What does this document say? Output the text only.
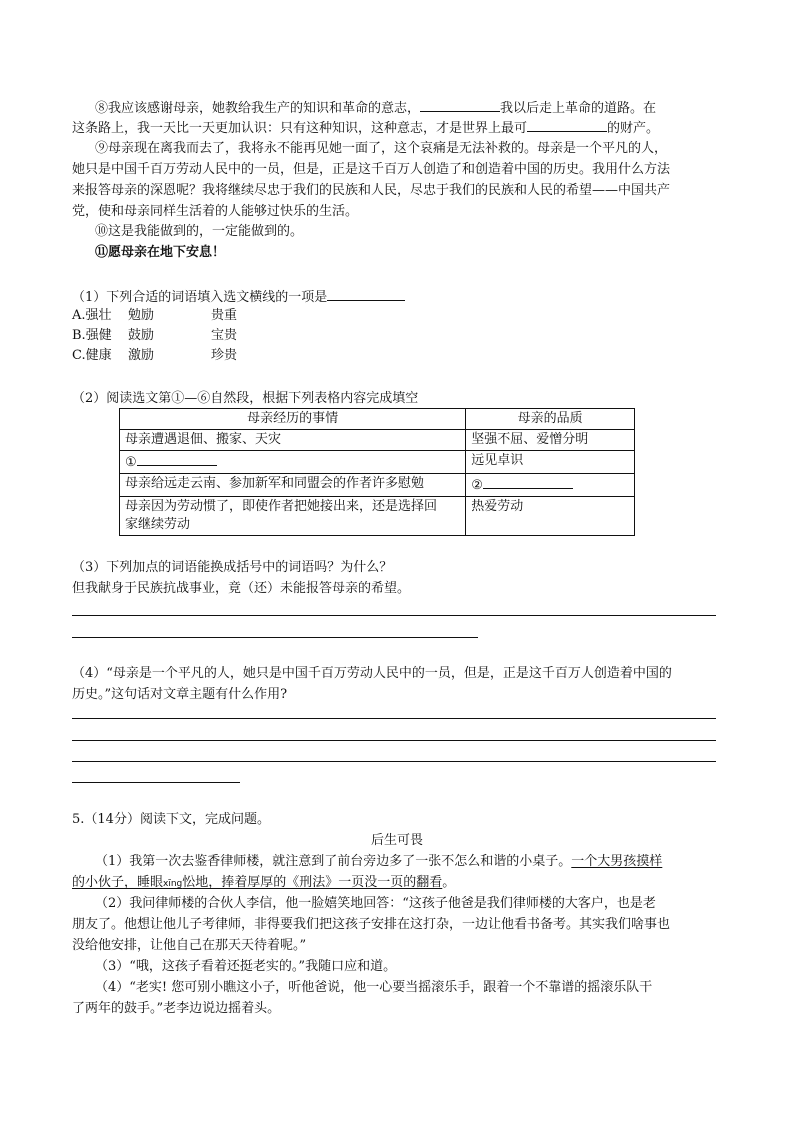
⑧我应该感谢母亲，她教给我生产的知识和革命的意志，	我以后走上革命的道路。在
这条路上，我一天比一天更加认识：只有这种知识，这种意志，才是世界上最可	的财产。
⑨母亲现在离我而去了，我将永不能再见她一面了，这个哀痛是无法补救的。母亲是一个平凡的人，
她只是中国千百万劳动人民中的一员，但是，正是这千百万人创造了和创造着中国的历史。我用什么方法
来报答母亲的深恩呢？我将继续尽忠于我们的民族和人民，尽忠于我们的民族和人民的希望——中国共产
党，使和母亲同样生活着的人能够过快乐的生活。
⑩这是我能做到的，一定能做到的。
⑪愿母亲在地下安息！
（1）下列合适的词语填入选文横线的一项是
A.强壮 勉励	贵重
B.强健 鼓励	宝贵
C.健康 激励	珍贵
（2）阅读选文第①—⑥自然段，根据下列表格内容完成填空
母亲经历的事情	母亲的品质
母亲遭遇退佃、搬家、天灾	坚强不屈、爱憎分明
①	远见卓识
母亲给远走云南、参加新军和同盟会的作者许多慰勉	②

母亲因为劳动惯了，即使作者把她接出来，还是选择回
家继续劳动	热爱劳动
（3）下列加点的词语能换成括号中的词语吗？为什么？
但我献身于民族抗战事业，竟（还）未能报答母亲的希望。
（4）“母亲是一个平凡的人，她只是中国千百万劳动人民中的一员，但是，正是这千百万人创造着中国的
历史。”这句话对文章主题有什么作用?
5.（14分）阅读下文，完成问题。
后生可畏
（1）我第一次去鉴香律师楼，就注意到了前台旁边多了一张不怎么和谐的小桌子。一个大男孩摸样
的小伙子，睡眼xīng忪地，捧着厚厚的《刑法》一页没一页的翻看。
（2）我问律师楼的合伙人李信，他一脸嬉笑地回答：“这孩子他爸是我们律师楼的大客户，也是老
朋友了。他想让他儿子考律师，非得要我们把这孩子安排在这打杂，一边让他看书备考。其实我们啥事也
没给他安排，让他自己在那天天待着呢。”
（3）“哦，这孩子看着还挺老实的。”我随口应和道。
（4）“老实! 您可别小瞧这小子，听他爸说，他一心要当摇滚乐手，跟着一个不靠谱的摇滚乐队干
了两年的鼓手。”老李边说边摇着头。
